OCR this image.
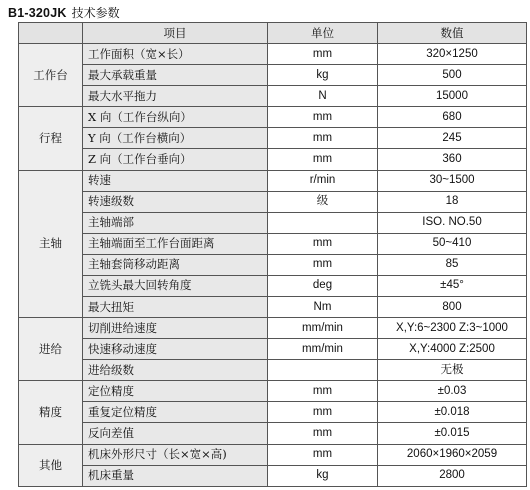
B1-320JK 技术参数
	项目	单位	数值
工作台	工作面积（宽×长）	mm	320×1250
	最大承载重量	kg	500
	最大水平拖力	N	15000
行程	X 向（工作台纵向）	mm	680
	Y 向（工作台横向）	mm	245
	Z 向（工作台垂向）	mm	360
主轴	转速	r/min	30~1500
	转速级数	级	18
	主轴端部		ISO. NO.50
	主轴端面至工作台面距离	mm	50~410
	主轴套筒移动距离	mm	85
	立铣头最大回转角度	deg	±45°
	最大扭矩	Nm	800
进给	切削进给速度	mm/min	X,Y:6~2300 Z:3~1000
	快速移动速度	mm/min	X,Y:4000 Z:2500
	进给级数		无极
精度	定位精度	mm	±0.03
	重复定位精度	mm	±0.018
	反向差值	mm	±0.015
其他	机床外形尺寸（长×宽×高)	mm	2060×1960×2059
	机床重量	kg	2800
